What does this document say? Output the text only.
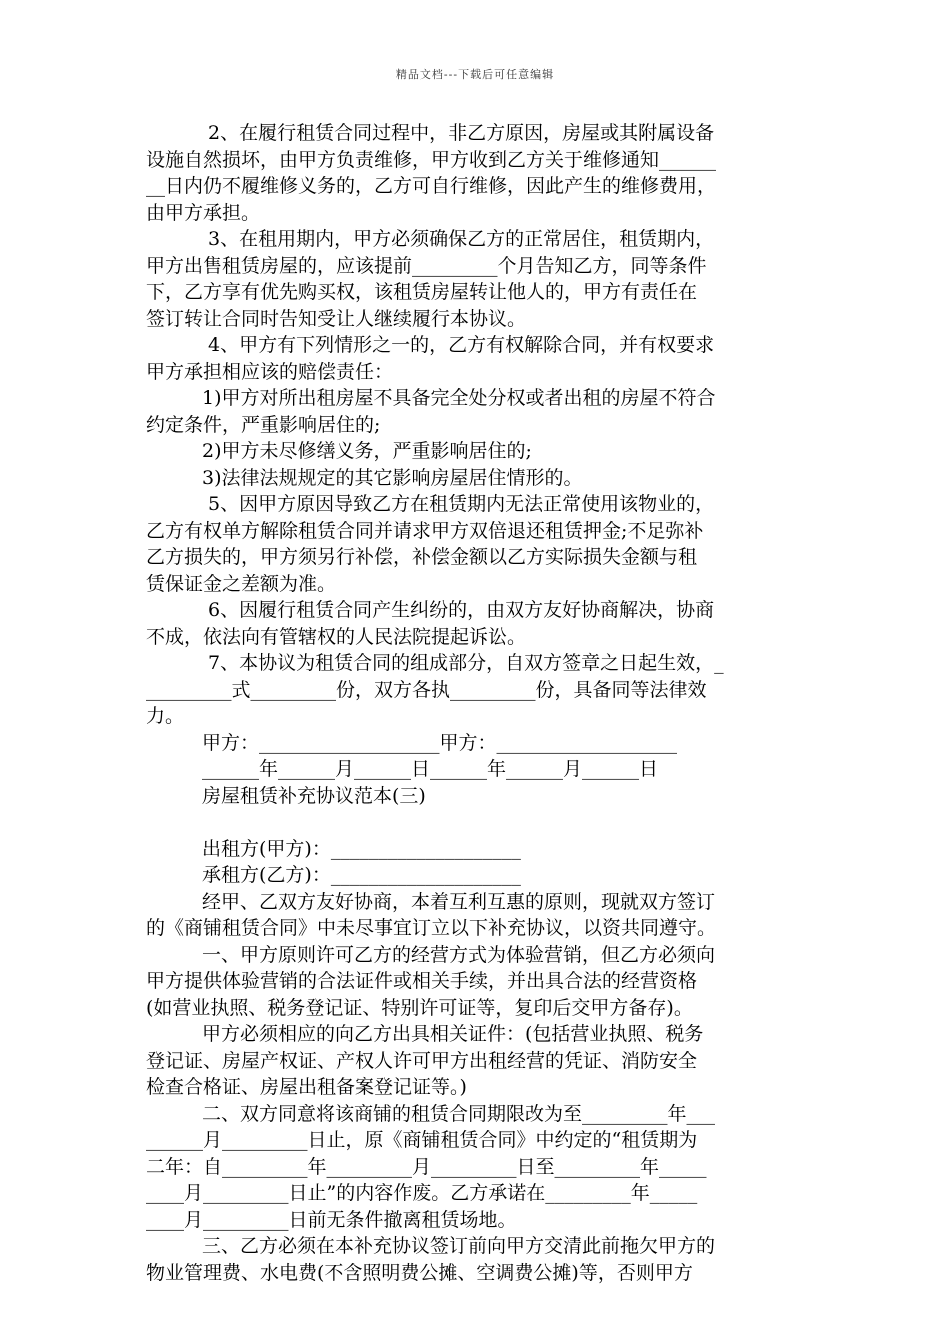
精品文档---下载后可任意编辑
2、在履行租赁合同过程中，非乙方原因，房屋或其附属设备
设施自然损坏，由甲方负责维修，甲方收到乙方关于维修通知______
__日内仍不履维修义务的，乙方可自行维修，因此产生的维修费用，
由甲方承担。
3、在租用期内，甲方必须确保乙方的正常居住，租赁期内，
甲方出售租赁房屋的，应该提前_________个月告知乙方，同等条件
下，乙方享有优先购买权，该租赁房屋转让他人的，甲方有责任在
签订转让合同时告知受让人继续履行本协议。
4、甲方有下列情形之一的，乙方有权解除合同，并有权要求
甲方承担相应该的赔偿责任：
1)甲方对所出租房屋不具备完全处分权或者出租的房屋不符合
约定条件，严重影响居住的;
2)甲方未尽修缮义务，严重影响居住的;
3)法律法规规定的其它影响房屋居住情形的。
5、因甲方原因导致乙方在租赁期内无法正常使用该物业的，
乙方有权单方解除租赁合同并请求甲方双倍退还租赁押金;不足弥补
乙方损失的，甲方须另行补偿，补偿金额以乙方实际损失金额与租
赁保证金之差额为准。
6、因履行租赁合同产生纠纷的，由双方友好协商解决，协商
不成，依法向有管辖权的人民法院提起诉讼。
7、本协议为租赁合同的组成部分，自双方签章之日起生效，_
_________式_________份，双方各执_________份，具备同等法律效
力。
甲方：___________________甲方：___________________
______年______月______日______年______月______日
房屋租赁补充协议范本(三)
出租方(甲方)：____________________
承租方(乙方)：____________________
经甲、乙双方友好协商，本着互利互惠的原则，现就双方签订
的《商铺租赁合同》中未尽事宜订立以下补充协议，以资共同遵守。
一、甲方原则许可乙方的经营方式为体验营销，但乙方必须向
甲方提供体验营销的合法证件或相关手续，并出具合法的经营资格
(如营业执照、税务登记证、特别许可证等，复印后交甲方备存)。
甲方必须相应的向乙方出具相关证件：(包括营业执照、税务
登记证、房屋产权证、产权人许可甲方出租经营的凭证、消防安全
检查合格证、房屋出租备案登记证等。)
二、双方同意将该商铺的租赁合同期限改为至_________年___
______月_________日止，原《商铺租赁合同》中约定的“租赁期为
二年：自_________年_________月_________日至_________年_____
____月_________日止”的内容作废。乙方承诺在_________年_____
____月_________日前无条件撤离租赁场地。
三、乙方必须在本补充协议签订前向甲方交清此前拖欠甲方的
物业管理费、水电费(不含照明费公摊、空调费公摊)等，否则甲方
